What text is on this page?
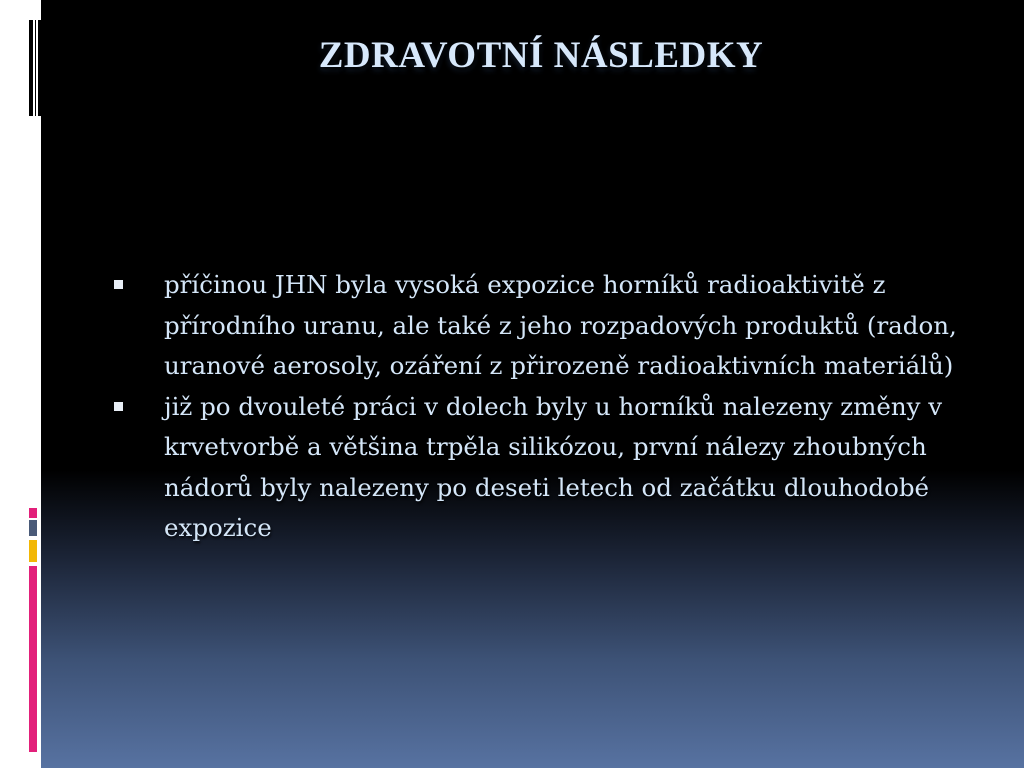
ZDRAVOTNÍ NÁSLEDKY
příčinou JHN byla vysoká expozice horníků radioaktivitě z přírodního uranu, ale také z jeho rozpadových produktů (radon, uranové aerosoly, ozáření z přirozeně radioaktivních materiálů)
již po dvouleté práci v dolech byly u horníků nalezeny změny v krvetvorbě a většina trpěla silikózou, první nálezy zhoubných nádorů byly nalezeny po deseti letech od začátku dlouhodobé expozice
